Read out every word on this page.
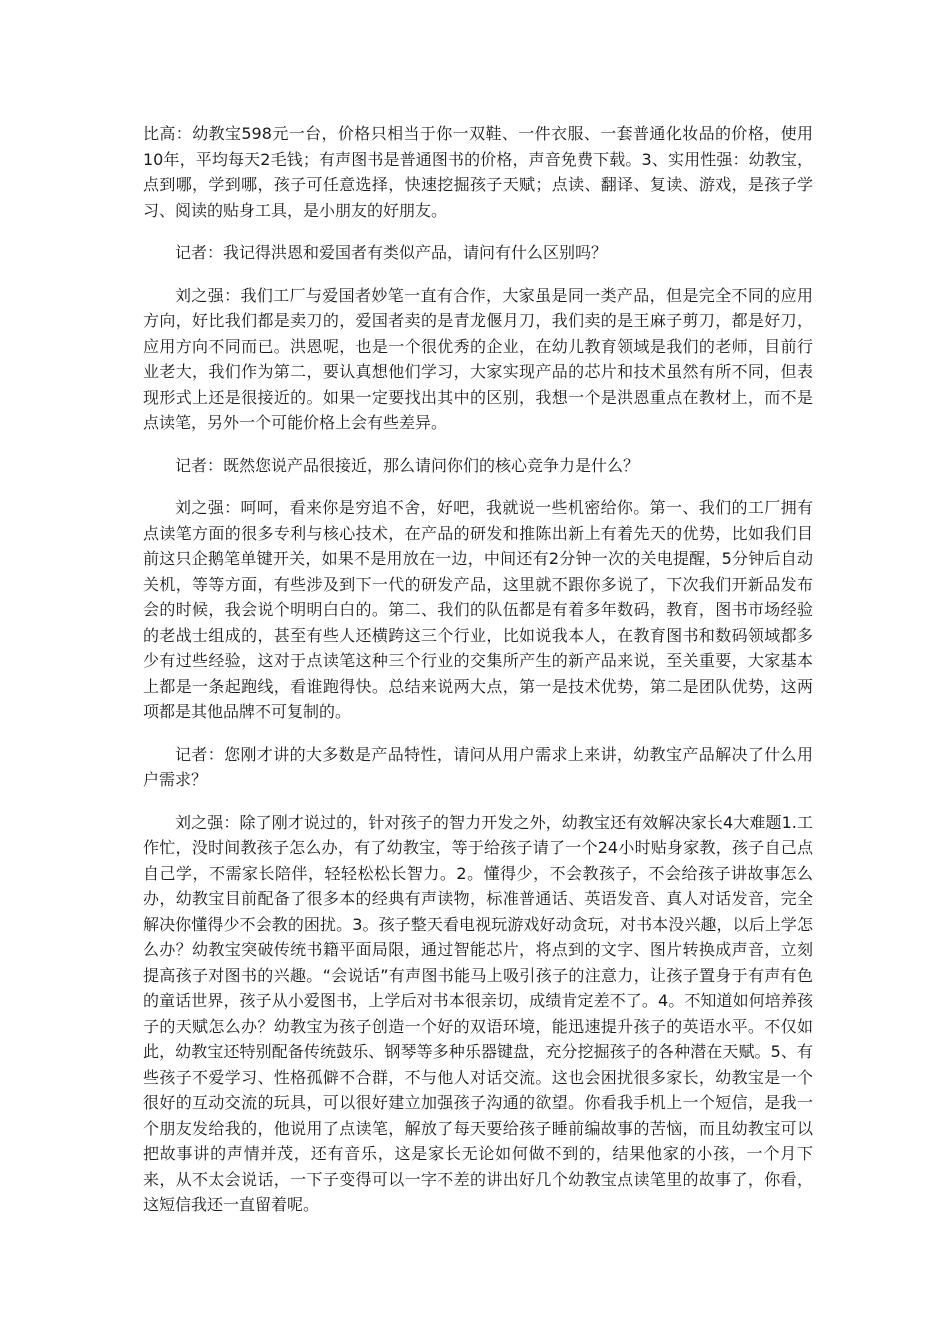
比高：幼教宝598元一台，价格只相当于你一双鞋、一件衣服、一套普通化妆品的价格，使用10年，平均每天2毛钱；有声图书是普通图书的价格，声音免费下载。3、实用性强：幼教宝，点到哪，学到哪，孩子可任意选择，快速挖掘孩子天赋；点读、翻译、复读、游戏，是孩子学习、阅读的贴身工具，是小朋友的好朋友。

记者：我记得洪恩和爱国者有类似产品，请问有什么区别吗？

刘之强：我们工厂与爱国者妙笔一直有合作，大家虽是同一类产品，但是完全不同的应用方向，好比我们都是卖刀的，爱国者卖的是青龙偃月刀，我们卖的是王麻子剪刀，都是好刀，应用方向不同而已。洪恩呢，也是一个很优秀的企业，在幼儿教育领域是我们的老师，目前行业老大，我们作为第二，要认真想他们学习，大家实现产品的芯片和技术虽然有所不同，但表现形式上还是很接近的。如果一定要找出其中的区别，我想一个是洪恩重点在教材上，而不是点读笔，另外一个可能价格上会有些差异。

记者：既然您说产品很接近，那么请问你们的核心竞争力是什么？

刘之强：呵呵，看来你是穷追不舍，好吧，我就说一些机密给你。第一、我们的工厂拥有点读笔方面的很多专利与核心技术，在产品的研发和推陈出新上有着先天的优势，比如我们目前这只企鹅笔单键开关，如果不是用放在一边，中间还有2分钟一次的关电提醒，5分钟后自动关机，等等方面，有些涉及到下一代的研发产品，这里就不跟你多说了，下次我们开新品发布会的时候，我会说个明明白白的。第二、我们的队伍都是有着多年数码，教育，图书市场经验的老战士组成的，甚至有些人还横跨这三个行业，比如说我本人，在教育图书和数码领域都多少有过些经验，这对于点读笔这种三个行业的交集所产生的新产品来说，至关重要，大家基本上都是一条起跑线，看谁跑得快。总结来说两大点，第一是技术优势，第二是团队优势，这两项都是其他品牌不可复制的。

记者：您刚才讲的大多数是产品特性，请问从用户需求上来讲，幼教宝产品解决了什么用户需求？

刘之强：除了刚才说过的，针对孩子的智力开发之外，幼教宝还有效解决家长4大难题1.工作忙，没时间教孩子怎么办，有了幼教宝，等于给孩子请了一个24小时贴身家教，孩子自己点自己学，不需家长陪伴，轻轻松松长智力。2。懂得少，不会教孩子，不会给孩子讲故事怎么办，幼教宝目前配备了很多本的经典有声读物，标准普通话、英语发音、真人对话发音，完全解决你懂得少不会教的困扰。3。孩子整天看电视玩游戏好动贪玩，对书本没兴趣，以后上学怎么办？幼教宝突破传统书籍平面局限，通过智能芯片，将点到的文字、图片转换成声音，立刻提高孩子对图书的兴趣。“会说话”有声图书能马上吸引孩子的注意力，让孩子置身于有声有色的童话世界，孩子从小爱图书，上学后对书本很亲切，成绩肯定差不了。4。不知道如何培养孩子的天赋怎么办？幼教宝为孩子创造一个好的双语环境，能迅速提升孩子的英语水平。不仅如此，幼教宝还特别配备传统鼓乐、钢琴等多种乐器键盘，充分挖掘孩子的各种潜在天赋。5、有些孩子不爱学习、性格孤僻不合群，不与他人对话交流。这也会困扰很多家长，幼教宝是一个很好的互动交流的玩具，可以很好建立加强孩子沟通的欲望。你看我手机上一个短信，是我一个朋友发给我的，他说用了点读笔，解放了每天要给孩子睡前编故事的苦恼，而且幼教宝可以把故事讲的声情并茂，还有音乐，这是家长无论如何做不到的，结果他家的小孩，一个月下来，从不太会说话，一下子变得可以一字不差的讲出好几个幼教宝点读笔里的故事了，你看，这短信我还一直留着呢。
